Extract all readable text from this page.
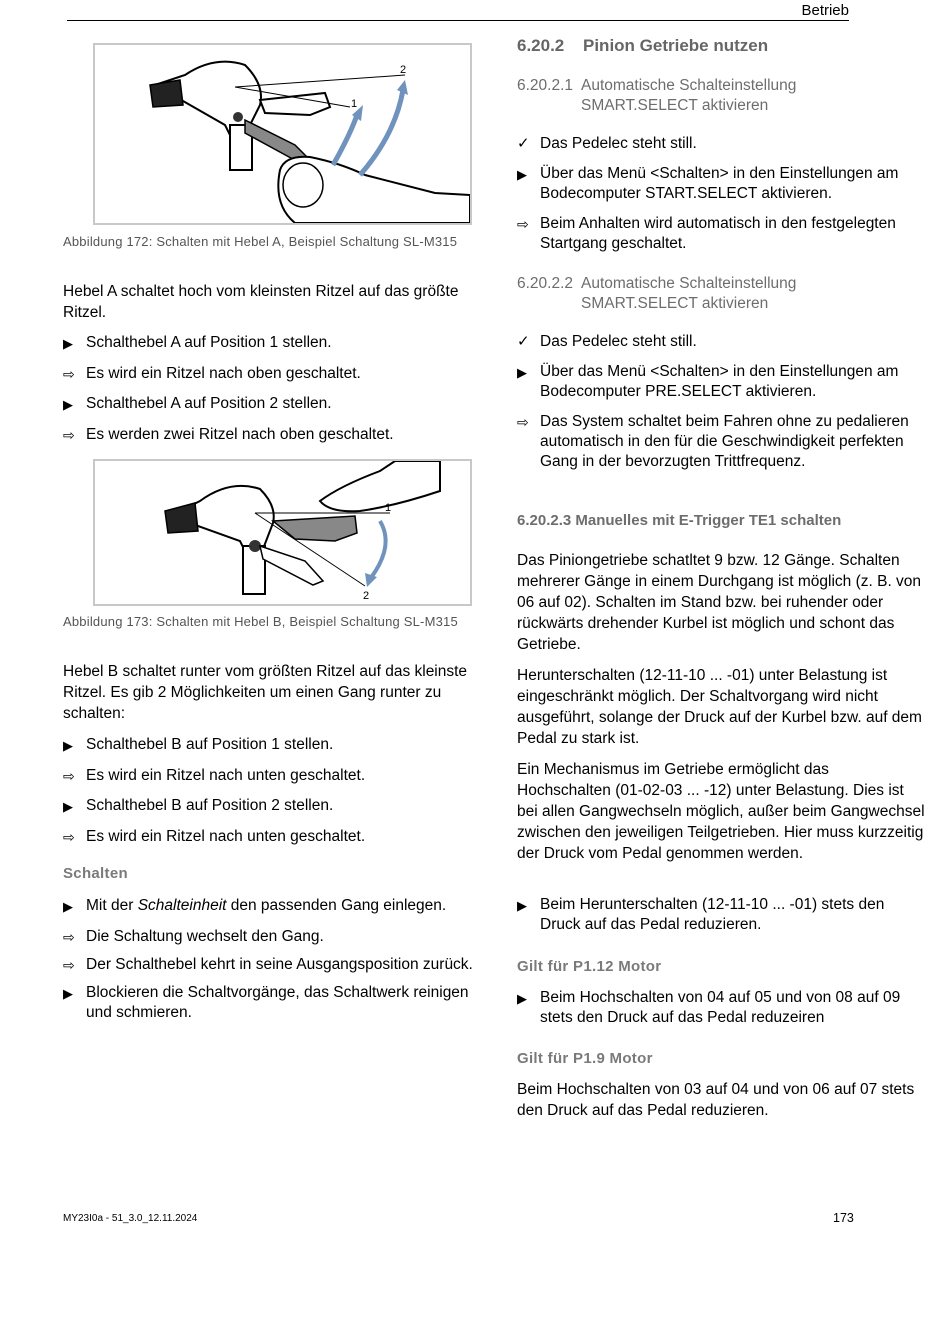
Betrieb
2
1
Abbildung 172: Schalten mit Hebel A, Beispiel Schaltung SL-M315

Hebel A schaltet hoch vom kleinsten Ritzel auf das größte Ritzel.

▶ Schalthebel A auf Position 1 stellen.
⇨ Es wird ein Ritzel nach oben geschaltet.
▶ Schalthebel A auf Position 2 stellen.
⇨ Es werden zwei Ritzel nach oben geschaltet.
1
2
Abbildung 173: Schalten mit Hebel B, Beispiel Schaltung SL-M315

Hebel B schaltet runter vom größten Ritzel auf das kleinste Ritzel. Es gib 2 Möglichkeiten um einen Gang runter zu schalten:

▶ Schalthebel B auf Position 1 stellen.
⇨ Es wird ein Ritzel nach unten geschaltet.
▶ Schalthebel B auf Position 2 stellen.
⇨ Es wird ein Ritzel nach unten geschaltet.
Schalten
▶ Mit der Schalteinheit den passenden Gang einlegen.
⇨ Die Schaltung wechselt den Gang.
⇨ Der Schalthebel kehrt in seine Ausgangsposition zurück.
▶ Blockieren die Schaltvorgänge, das Schaltwerk reinigen und schmieren.
6.20.2 Pinion Getriebe nutzen
6.20.2.1 Automatische Schalteinstellung
SMART.SELECT aktivieren
✓ Das Pedelec steht still.
▶ Über das Menü <Schalten> in den Einstellungen am Bodecomputer START.SELECT aktivieren.
⇨ Beim Anhalten wird automatisch in den festgelegten Startgang geschaltet.
6.20.2.2 Automatische Schalteinstellung
SMART.SELECT aktivieren
✓ Das Pedelec steht still.
▶ Über das Menü <Schalten> in den Einstellungen am Bodecomputer PRE.SELECT aktivieren.
⇨ Das System schaltet beim Fahren ohne zu pedalieren automatisch in den für die Geschwindigkeit perfekten Gang in der bevorzugten Trittfrequenz.
6.20.2.3 Manuelles mit E-Trigger TE1 schalten

Das Piniongetriebe schatltet 9 bzw. 12 Gänge. Schalten mehrerer Gänge in einem Durchgang ist möglich (z. B. von 06 auf 02). Schalten im Stand bzw. bei ruhender oder rückwärts drehender Kurbel ist möglich und schont das Getriebe.

Herunterschalten (12-11-10 ... -01) unter Belastung ist eingeschränkt möglich. Der Schaltvorgang wird nicht ausgeführt, solange der Druck auf der Kurbel bzw. auf dem Pedal zu stark ist.

Ein Mechanismus im Getriebe ermöglicht das Hochschalten (01-02-03 ... -12) unter Belastung. Dies ist bei allen Gangwechseln möglich, außer beim Gangwechsel zwischen den jeweiligen Teilgetrieben. Hier muss kurzzeitig der Druck vom Pedal genommen werden.

▶ Beim Herunterschalten (12-11-10 ... -01) stets den Druck auf das Pedal reduzieren.
Gilt für P1.12 Motor
▶ Beim Hochschalten von 04 auf 05 und von 08 auf 09 stets den Druck auf das Pedal reduzeiren
Gilt für P1.9 Motor

Beim Hochschalten von 03 auf 04 und von 06 auf 07 stets den Druck auf das Pedal reduzieren.

MY23I0a - 51_3.0_12.11.2024	173
